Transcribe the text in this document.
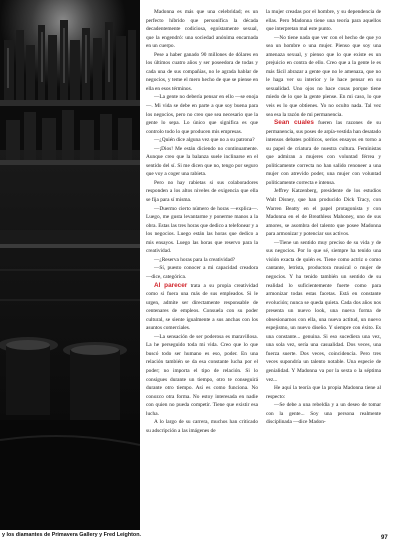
y los diamantes de Primavera Gallery y Fred Leighton.

Madonna es más que una celebridad; es un perfecto híbrido que personifica la década decadentemente codiciosa, egoístamente sexual, que la engendró: una sociedad anónima encarnada en un cuerpo.

Pese a haber ganado 90 millones de dólares en los últimos cuatro años y ser poseedora de todas y cada una de sus compañías, no le agrada hablar de negocios, y teme el mero hecho de que se piense en ella en esos términos.

—La gente no debería pensar en ello —se enoja—. Mi vida se debe en parte a que soy buena para los negocios, pero no creo que sea necesario que la gente lo sepa. Lo único que significa es que controlo todo lo que producen mis empresas.

—¿Quién dice alguna vez que no a su patrona?

—¡Dios! Me están diciendo no continuamente. Aunque creo que la balanza suele inclinarse en el sentido del sí. Si me dicen que no, tengo por seguro que voy a coger una rabieta.

Pero no hay rabietas si sus colaboradores responden a los altos niveles de exigencia que ella se fija para sí misma.

—Duermo cierto número de horas —explica—. Luego, me gusta levantarme y ponerme manos a la obra. Estas las tres horas que dedico a telefonear y a los negocios. Luego están las horas que dedico a mis ensayos. Luego las horas que reservo para la creatividad.

—¿Reserva horas para la creatividad?

—Sí, puesto conocer a mi capacidad creadora —dice, categórica.

Al parecer trata a su propia creatividad como si fuera una más de sus empleados. Si le urgen, admite ser directamente responsable de centenares de empleos. Consuela con su poder cultural, se siente igualmente a sus anchas con los asuntos comerciales.

—La sensación de ser poderosa es maravillosa. La he perseguido toda mi vida. Creo que lo que buscó todo ser humano es eso, poder. En una relación también se da esa constante lucha por el poder; no importa el tipo de relación. Si lo consigues durante un tiempo, otro te conseguirá durante otro tiempo. Así es como funciona. No conozco otra forma. No estoy interesada en nadie con quien no pueda competir. Tiene que existir esa lucha.

A lo largo de su carrera, muchos han criticado su adscripción a las imágenes de

la mujer creadas por el hombre, y su dependencia de ellas. Pero Madonna tiene una teoría para aquellos que interpretan mal este punto.

—No tiene nada que ver con el hecho de que yo sea un hombre o una mujer. Pienso que soy una amenaza sexual, y pienso que lo que existe es un prejuicio en contra de ello. Creo que a la gente le es más fácil abrazar a gente que no le amenaza, que no le haga ver su interior y le hace pensar en su sexualidad. Uno ojos no hace cosas porque tiene miedo de lo que la gente piense. En mi caso, lo que veis es lo que obtienes. Yo no oculto nada. Tal vez sea esa la razón de mi permanencia.

Sean cuales fueren las razones de su permanencia, sus poses de arpía-vestida han desatado intensos debates políticos, serios ensayos en torno a su papel de criatura de nuestra cultura. Feministas que admiran a mujeres con voluntad férrea y políticamente correcta no han salido renoneer a una mujer con atrevido poder, una mujer con voluntad políticamente correcta e intensa.

Jeffrey Katzenberg, presidente de los estudios Walt Disney, que han producido Dick Tracy, con Warren Beatty en el papel protagonista y con Madonna en el de Breathless Mahoney, uno de sus amores, se asombra del talento que posee Madonna para armonizar y potenciar sus activos.

—Tiene un sentido muy preciso de su vida y de sus negocios. Por lo que sé, siempre ha tenido una visión exacta de quién es. Tiene como actriz o como cantante, letrista, productora musical o mujer de negocios. Y ha tenido también un sentido de su realidad lo suficientemente fuerte como para armonizar todas estas facetas. Está en constante evolución; nunca se queda quieta. Cada dos años nos presenta un nuevo look, una nueva forma de obsesionarnos con ella, una nueva actitud, un nuevo espejismo, un nuevo diseño. Y siempre con éxito. Es una constante... genuina. Si eso sucediera una vez, una sola vez, sería una casualidad. Dos veces, una fuerza suerte. Dos veces, coincidencia. Pero tres veces supondría un talento notable. Una especie de genialidad. Y Madonna va por la sexta o la séptima vez...

He aquí la teoría que la propia Madonna tiene al respecto:

—Se debe a una rebeldía y a un deseo de tomar con la gente... Soy una persona realmente disciplinada —dice Madon-

97
